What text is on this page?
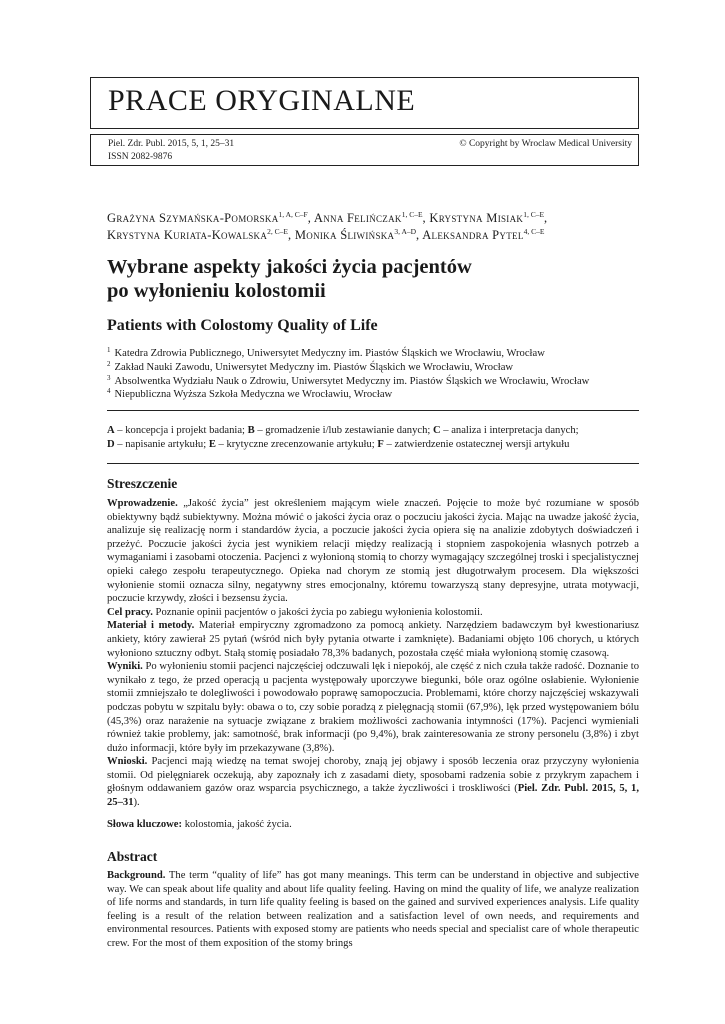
PRACE ORYGINALNE
Piel. Zdr. Publ. 2015, 5, 1, 25–31
ISSN 2082-9876
© Copyright by Wroclaw Medical University
Grażyna Szymańska-Pomorska$^{1, A, C-F}$, Anna Felińczak$^{1, C-E}$, Krystyna Misiak$^{1, C-E}$,
Krystyna Kuriata-Kowalska$^{2, C-E}$, Monika Śliwińska$^{3, A-D}$, Aleksandra Pytel$^{4, C-E}$
Wybrane aspekty jakości życia pacjentów
po wyłonieniu kolostomii
Patients with Colostomy Quality of Life
$^1$ Katedra Zdrowia Publicznego, Uniwersytet Medyczny im. Piastów Śląskich we Wrocławiu, Wrocław
$^2$ Zakład Nauki Zawodu, Uniwersytet Medyczny im. Piastów Śląskich we Wrocławiu, Wrocław
$^3$ Absolwentka Wydziału Nauk o Zdrowiu, Uniwersytet Medyczny im. Piastów Śląskich we Wrocławiu, Wrocław
$^4$ Niepubliczna Wyższa Szkoła Medyczna we Wrocławiu, Wrocław
A – koncepcja i projekt badania; B – gromadzenie i/lub zestawianie danych; C – analiza i interpretacja danych;
D – napisanie artykułu; E – krytyczne zrecenzowanie artykułu; F – zatwierdzenie ostatecznej wersji artykułu
Streszczenie

Wprowadzenie. „Jakość życia” jest określeniem mającym wiele znaczeń. Pojęcie to może być rozumiane w sposób obiektywny bądź subiektywny. Można mówić o jakości życia oraz o poczuciu jakości życia. Mając na uwadze jakość życia, analizuje się realizację norm i standardów życia, a poczucie jakości życia opiera się na analizie zdobytych doświadczeń i przeżyć. Poczucie jakości życia jest wynikiem relacji między realizacją i stopniem zaspokojenia własnych potrzeb a wymaganiami i zasobami otoczenia. Pacjenci z wyłonioną stomią to chorzy wymagający szczególnej troski i specjalistycznej opieki całego zespołu terapeutycznego. Opieka nad chorym ze stomią jest długotrwałym procesem. Dla większości wyłonienie stomii oznacza silny, negatywny stres emocjonalny, któremu towarzyszą stany depresyjne, utrata motywacji, poczucie krzywdy, złości i bezsensu życia.

Cel pracy. Poznanie opinii pacjentów o jakości życia po zabiegu wyłonienia kolostomii.

Materiał i metody. Materiał empiryczny zgromadzono za pomocą ankiety. Narzędziem badawczym był kwestionariusz ankiety, który zawierał 25 pytań (wśród nich były pytania otwarte i zamknięte). Badaniami objęto 106 chorych, u których wyłoniono sztuczny odbyt. Stałą stomię posiadało 78,3% badanych, pozostała część miała wyłonioną stomię czasową.

Wyniki. Po wyłonieniu stomii pacjenci najczęściej odczuwali lęk i niepokój, ale część z nich czuła także radość. Doznanie to wynikało z tego, że przed operacją u pacjenta występowały uporczywe biegunki, bóle oraz ogólne osłabienie. Wyłonienie stomii zmniejszało te dolegliwości i powodowało poprawę samopoczucia. Problemami, które chorzy najczęściej wskazywali podczas pobytu w szpitalu były: obawa o to, czy sobie poradzą z pielęgnacją stomii (67,9%), lęk przed występowaniem bólu (45,3%) oraz narażenie na sytuacje związane z brakiem możliwości zachowania intymności (17%). Pacjenci wymieniali również takie problemy, jak: samotność, brak informacji (po 9,4%), brak zainteresowania ze strony personelu (3,8%) i zbyt dużo informacji, które były im przekazywane (3,8%).

Wnioski. Pacjenci mają wiedzę na temat swojej choroby, znają jej objawy i sposób leczenia oraz przyczyny wyłonienia stomii. Od pielęgniarek oczekują, aby zapoznały ich z zasadami diety, sposobami radzenia sobie z przykrym zapachem i głośnym oddawaniem gazów oraz wsparcia psychicznego, a także życzliwości i troskliwości (Piel. Zdr. Publ. 2015, 5, 1, 25–31).

Słowa kluczowe: kolostomia, jakość życia.

Abstract

Background. The term “quality of life” has got many meanings. This term can be understand in objective and subjective way. We can speak about life quality and about life quality feeling. Having on mind the quality of life, we analyze realization of life norms and standards, in turn life quality feeling is based on the gained and survived experiences analysis. Life quality feeling is a result of the relation between realization and a satisfaction level of own needs, and requirements and environmental resources. Patients with exposed stomy are patients who needs special and specialist care of whole therapeutic crew. For the most of them exposition of the stomy brings
